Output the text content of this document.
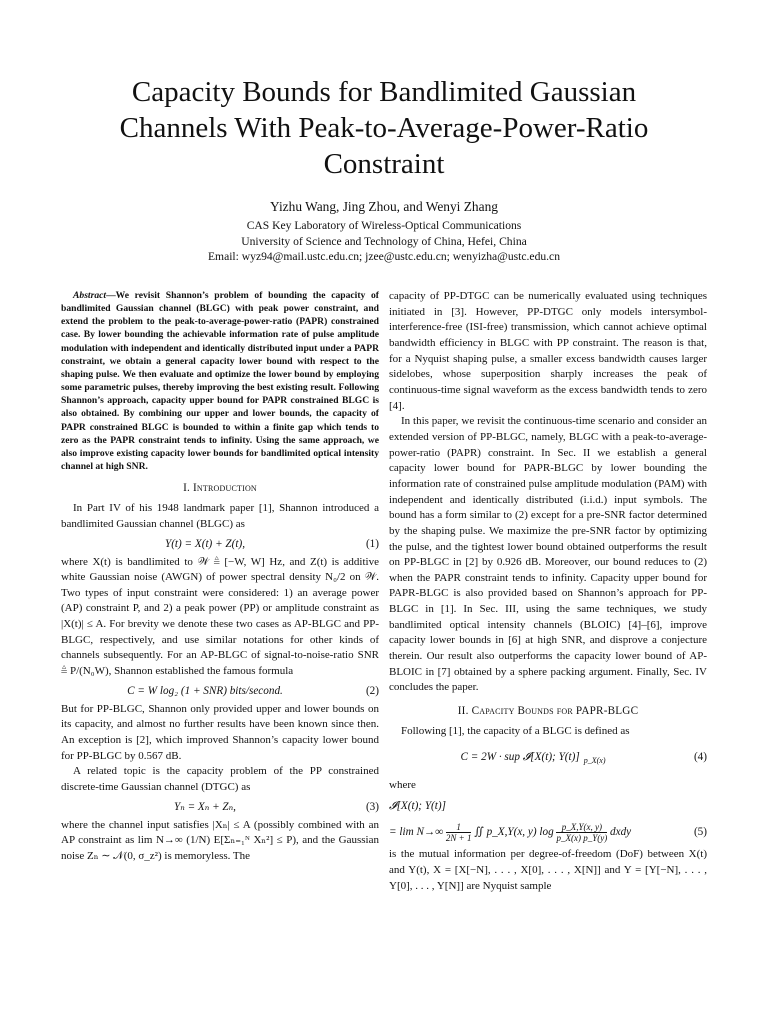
Capacity Bounds for Bandlimited Gaussian
Channels With Peak-to-Average-Power-Ratio
Constraint
Yizhu Wang, Jing Zhou, and Wenyi Zhang
CAS Key Laboratory of Wireless-Optical Communications
University of Science and Technology of China, Hefei, China
Email: wyz94@mail.ustc.edu.cn; jzee@ustc.edu.cn; wenyizha@ustc.edu.cn

Abstract—We revisit Shannon’s problem of bounding the capacity of bandlimited Gaussian channel (BLGC) with peak power constraint, and extend the problem to the peak-to-average-power-ratio (PAPR) constrained case. By lower bounding the achievable information rate of pulse amplitude modulation with independent and identically distributed input under a PAPR constraint, we obtain a general capacity lower bound with respect to the shaping pulse. We then evaluate and optimize the lower bound by employing some parametric pulses, thereby improving the best existing result. Following Shannon’s approach, capacity upper bound for PAPR constrained BLGC is also obtained. By combining our upper and lower bounds, the capacity of PAPR constrained BLGC is bounded to within a finite gap which tends to zero as the PAPR constraint tends to infinity. Using the same approach, we also improve existing capacity lower bounds for bandlimited optical intensity channel at high SNR.

I. Introduction

In Part IV of his 1948 landmark paper [1], Shannon introduced a bandlimited Gaussian channel (BLGC) as

Y(t) = X(t) + Z(t),	(1)

where X(t) is bandlimited to 𝒲 ≜ [−W, W] Hz, and Z(t) is additive white Gaussian noise (AWGN) of power spectral density N₀/2 on 𝒲. Two types of input constraint were considered: 1) an average power (AP) constraint P, and 2) a peak power (PP) or amplitude constraint as |X(t)| ≤ A. For brevity we denote these two cases as AP-BLGC and PP-BLGC, respectively, and use similar notations for other kinds of channels subsequently. For an AP-BLGC of signal-to-noise-ratio SNR ≜ P/(N₀W), Shannon established the famous formula

C = W log₂ (1 + SNR) bits/second.	(2)

But for PP-BLGC, Shannon only provided upper and lower bounds on its capacity, and almost no further results have been known since then. An exception is [2], which improved Shannon’s capacity lower bound for PP-BLGC by 0.567 dB.

A related topic is the capacity problem of the PP constrained discrete-time Gaussian channel (DTGC) as

Yₙ = Xₙ + Zₙ,	(3)

where the channel input satisfies |Xₙ| ≤ A (possibly combined with an AP constraint as lim N→∞ (1/N) E[Σₙ₌₁ᴺ Xₙ²] ≤ P), and the Gaussian noise Zₙ ∼ 𝒩(0, σ_z²) is memoryless. The

capacity of PP-DTGC can be numerically evaluated using techniques initiated in [3]. However, PP-DTGC only models intersymbol-interference-free (ISI-free) transmission, which cannot achieve optimal bandwidth efficiency in BLGC with PP constraint. The reason is that, for a Nyquist shaping pulse, a smaller excess bandwidth causes larger sidelobes, whose superposition sharply increases the peak of continuous-time signal waveform as the excess bandwidth tends to zero [4].

In this paper, we revisit the continuous-time scenario and consider an extended version of PP-BLGC, namely, BLGC with a peak-to-average-power-ratio (PAPR) constraint. In Sec. II we establish a general capacity lower bound for PAPR-BLGC by lower bounding the information rate of constrained pulse amplitude modulation (PAM) with independent and identically distributed (i.i.d.) input symbols. The bound has a form similar to (2) except for a pre-SNR factor determined by the shaping pulse. We maximize the pre-SNR factor by optimizing the pulse, and the tightest lower bound obtained outperforms the result on PP-BLGC in [2] by 0.926 dB. Moreover, our bound reduces to (2) when the PAPR constraint tends to infinity. Capacity upper bound for PAPR-BLGC is also provided based on Shannon’s approach for PP-BLGC in [1]. In Sec. III, using the same techniques, we study bandlimited optical intensity channels (BLOIC) [4]–[6], improve capacity lower bounds in [6] at high SNR, and disprove a conjecture therein. Our result also outperforms the capacity lower bound of AP-BLOIC in [7] obtained by a sphere packing argument. Finally, Sec. IV concludes the paper.

II. Capacity Bounds for PAPR-BLGC

Following [1], the capacity of a BLGC is defined as

C = 2W · sup 𝓘[X(t); Y(t)] $_{p\_X(x)}$	(4)

where

𝓘[X(t); Y(t)]
= $\lim N\to\infty \frac{1}{2N + 1}$ ∬ p_X,Y(x, y) $\log \frac{p\_X,Y(x, y)}{p\_X(x) p\_Y(y)}$ dxdy	(5)

is the mutual information per degree-of-freedom (DoF) between X(t) and Y(t), X = [X[−N], . . . , X[0], . . . , X[N]] and Y = [Y[−N], . . . , Y[0], . . . , Y[N]] are Nyquist sample
